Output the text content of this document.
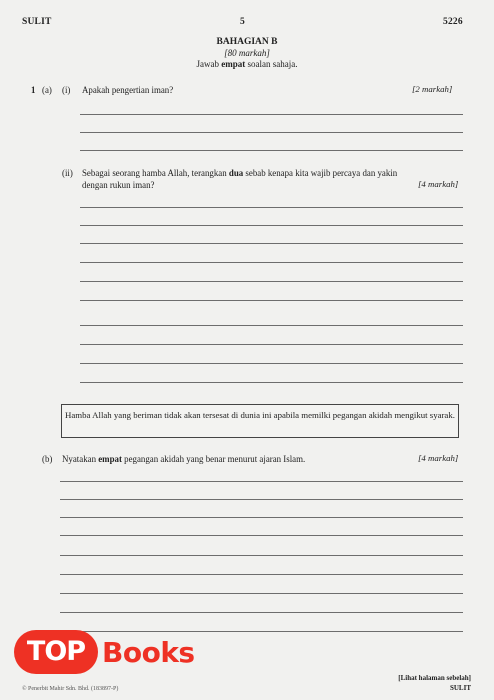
SULIT	5	5226
BAHAGIAN B
[80 markah]
Jawab empat soalan sahaja.
1 (a) (i) Apakah pengertian iman?	[2 markah]
(ii) Sebagai seorang hamba Allah, terangkan dua sebab kenapa kita wajib percaya dan yakin dengan rukun iman?	[4 markah]
Hamba Allah yang beriman tidak akan tersesat di dunia ini apabila memilki pegangan akidah mengikut syarak.
(b) Nyatakan empat pegangan akidah yang benar menurut ajaran Islam.	[4 markah]
TOP Books
© Penerbit Mahir Sdn. Bhd. (183897-P)
[Lihat halaman sebelah]
SULIT
